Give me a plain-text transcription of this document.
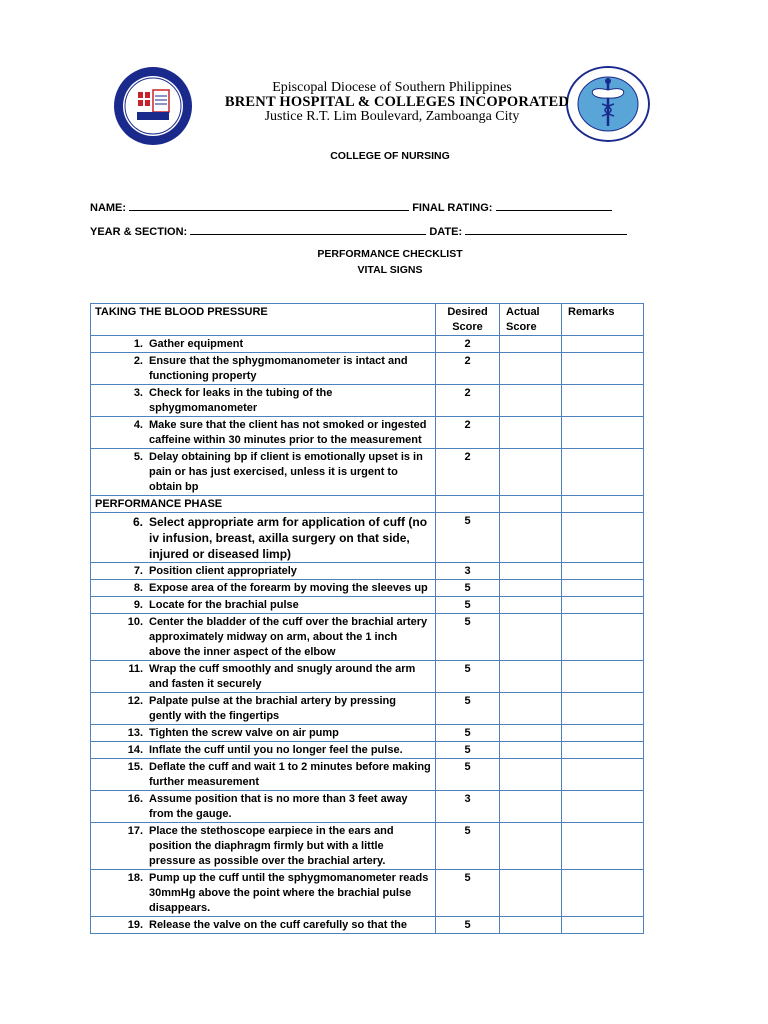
Episcopal Diocese of Southern Philippines
BRENT HOSPITAL & COLLEGES INCOPORATED
Justice R.T. Lim Boulevard, Zamboanga City
COLLEGE OF NURSING
NAME:	FINAL RATING:
YEAR & SECTION:	DATE:
PERFORMANCE CHECKLIST
VITAL SIGNS
TAKING THE BLOOD PRESSURE	Desired Score	Actual Score	Remarks

1. Gather equipment	2		

2. Ensure that the sphygmomanometer is intact and functioning property	2		

3. Check for leaks in the tubing of the sphygmomanometer	2		

4. Make sure that the client has not smoked or ingested caffeine within 30 minutes prior to the measurement	2		

5. Delay obtaining bp if client is emotionally upset is in pain or has just exercised, unless it is urgent to obtain bp	2		
PERFORMANCE PHASE			

6. Select appropriate arm for application of cuff (no iv infusion, breast, axilla surgery on that side, injured or diseased limp)	5		

7. Position client appropriately	3		

8. Expose area of the forearm by moving the sleeves up	5		

9. Locate for the brachial pulse	5		

10. Center the bladder of the cuff over the brachial artery approximately midway on arm, about the 1 inch above the inner aspect of the elbow	5		

11. Wrap the cuff smoothly and snugly around the arm and fasten it securely	5		

12. Palpate pulse at the brachial artery by pressing gently with the fingertips	5		

13. Tighten the screw valve on air pump	5		

14. Inflate the cuff until you no longer feel the pulse.	5		

15. Deflate the cuff and wait 1 to 2 minutes before making further measurement	5		

16. Assume position that is no more than 3 feet away from the gauge.	3		

17. Place the stethoscope earpiece in the ears and position the diaphragm firmly but with a little pressure as possible over the brachial artery.	5		

18. Pump up the cuff until the sphygmomanometer reads 30mmHg above the point where the brachial pulse disappears.	5		

19. Release the valve on the cuff carefully so that the	5		
